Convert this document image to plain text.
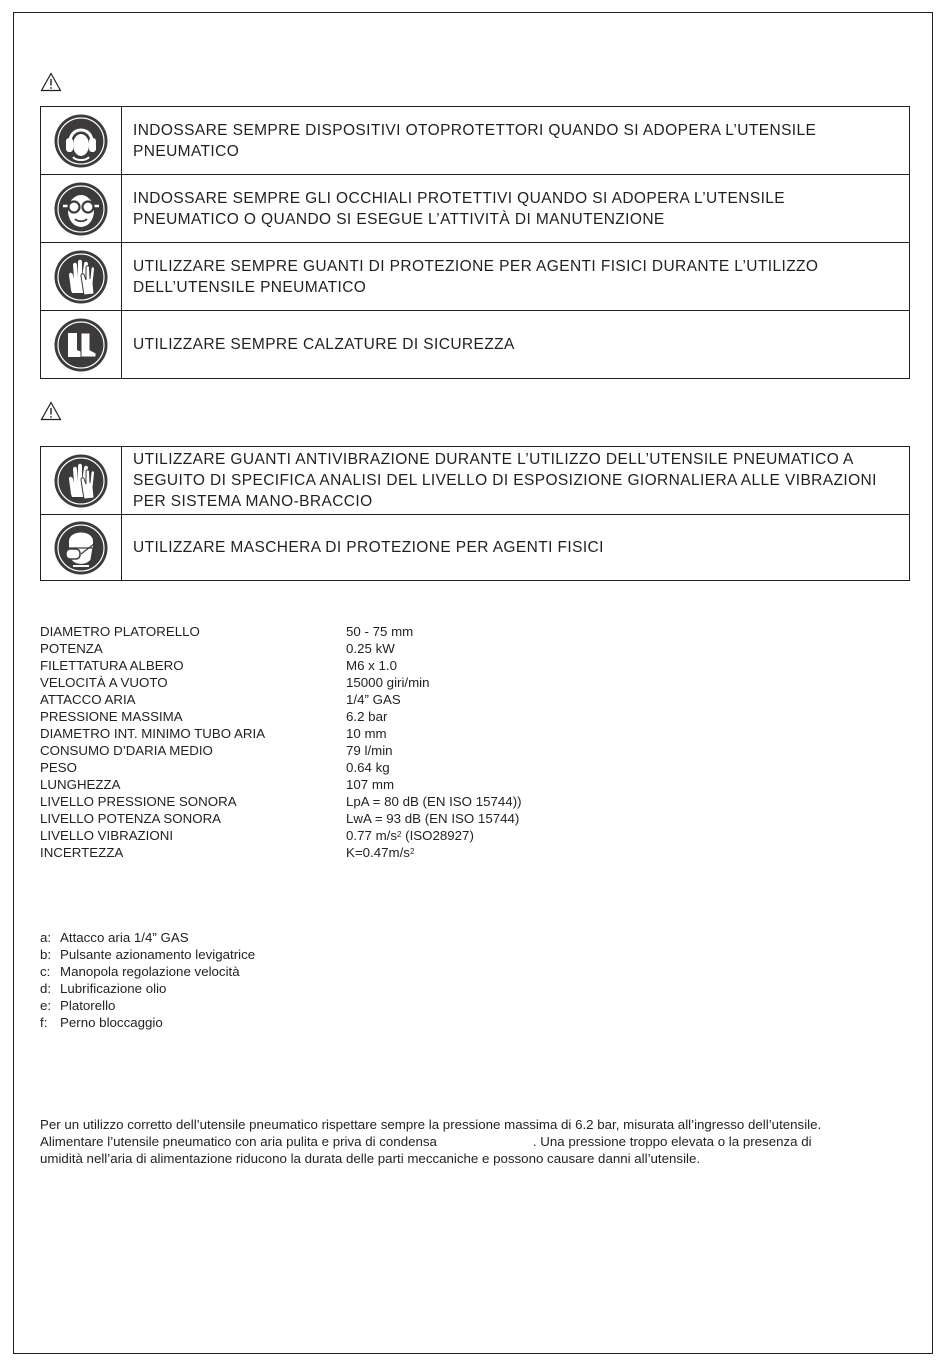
	INDOSSARE SEMPRE DISPOSITIVI OTOPROTETTORI QUANDO SI ADOPERA L’UTENSILE PNEUMATICO

	INDOSSARE SEMPRE GLI OCCHIALI PROTETTIVI QUANDO SI ADOPERA L’UTENSILE PNEUMATICO O QUANDO SI ESEGUE L’ATTIVITÀ DI MANUTENZIONE

	UTILIZZARE SEMPRE GUANTI DI PROTEZIONE PER AGENTI FISICI DURANTE L’UTILIZZO DELL’UTENSILE PNEUMATICO

	UTILIZZARE SEMPRE CALZATURE DI SICUREZZA
	UTILIZZARE GUANTI ANTIVIBRAZIONE DURANTE L’UTILIZZO DELL’UTENSILE PNEUMATICO A SEGUITO DI SPECIFICA ANALISI DEL LIVELLO DI ESPOSIZIONE GIORNALIERA ALLE VIBRAZIONI PER SISTEMA MANO-BRACCIO

	UTILIZZARE MASCHERA DI PROTEZIONE PER AGENTI FISICI
DIAMETRO PLATORELLO	50 - 75 mm
POTENZA	0.25 kW
FILETTATURA ALBERO	M6 x 1.0
VELOCITÀ A VUOTO	15000 giri/min
ATTACCO ARIA	1/4” GAS
PRESSIONE MASSIMA	6.2 bar
DIAMETRO INT. MINIMO TUBO ARIA	10 mm
CONSUMO D’DARIA MEDIO	79 l/min
PESO	0.64 kg
LUNGHEZZA	107 mm
LIVELLO PRESSIONE SONORA	LpA = 80 dB (EN ISO 15744))
LIVELLO POTENZA SONORA	LwA = 93 dB (EN ISO 15744)
LIVELLO VIBRAZIONI	0.77 $m/s^2$ (ISO28927)
INCERTEZZA	$K=0.47m/s^2$
a: Attacco aria 1/4” GAS
b: Pulsante azionamento levigatrice
c: Manopola regolazione velocità
d: Lubrificazione olio
e: Platorello
f: Perno bloccaggio

Per un utilizzo corretto dell’utensile pneumatico rispettare sempre la pressione massima di 6.2 bar, misurata all’ingresso dell’utensile.

Alimentare l’utensile pneumatico con aria pulita e priva di condensa	. Una pressione troppo elevata o la presenza di

umidità nell’aria di alimentazione riducono la durata delle parti meccaniche e possono causare danni all’utensile.
